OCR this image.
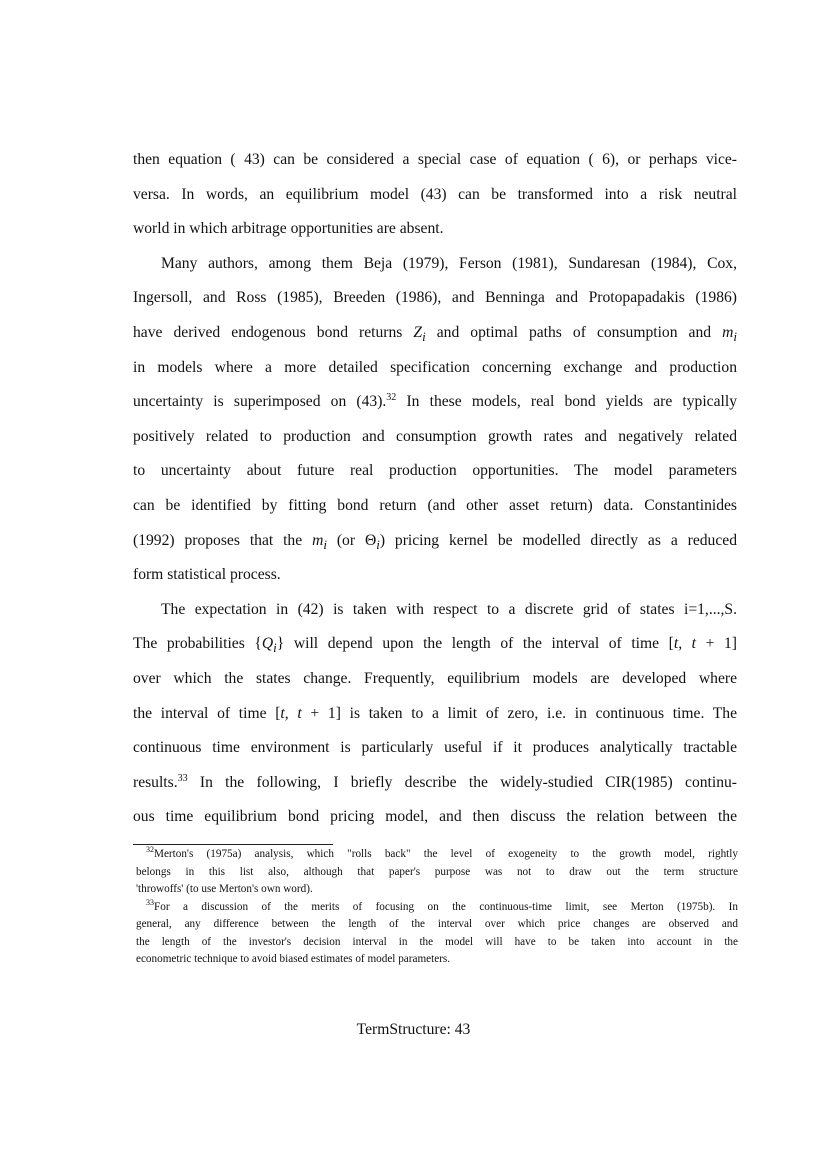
then equation ( 43) can be considered a special case of equation ( 6), or perhaps vice-
versa. In words, an equilibrium model (43) can be transformed into a risk neutral
world in which arbitrage opportunities are absent.
Many authors, among them Beja (1979), Ferson (1981), Sundaresan (1984), Cox,
Ingersoll, and Ross (1985), Breeden (1986), and Benninga and Protopapadakis (1986)
have derived endogenous bond returns $Z_i$ and optimal paths of consumption and $m_i$
in models where a more detailed specification concerning exchange and production
uncertainty is superimposed on (43).$^{32}$ In these models, real bond yields are typically
positively related to production and consumption growth rates and negatively related
to uncertainty about future real production opportunities. The model parameters
can be identified by fitting bond return (and other asset return) data. Constantinides
(1992) proposes that the $m_i$ (or $\Theta_i$) pricing kernel be modelled directly as a reduced
form statistical process.
The expectation in (42) is taken with respect to a discrete grid of states i=1,...,S.
The probabilities $\{Q_i\}$ will depend upon the length of the interval of time [t, t + 1]
over which the states change. Frequently, equilibrium models are developed where
the interval of time [t, t + 1] is taken to a limit of zero, i.e. in continuous time. The
continuous time environment is particularly useful if it produces analytically tractable
results.$^{33}$ In the following, I briefly describe the widely-studied CIR(1985) continu-
ous time equilibrium bond pricing model, and then discuss the relation between the
$^{32}$Merton's (1975a) analysis, which "rolls back" the level of exogeneity to the growth model, rightly
belongs in this list also, although that paper's purpose was not to draw out the term structure
'throwoffs' (to use Merton's own word).
$^{33}$For a discussion of the merits of focusing on the continuous-time limit, see Merton (1975b). In
general, any difference between the length of the interval over which price changes are observed and
the length of the investor's decision interval in the model will have to be taken into account in the
econometric technique to avoid biased estimates of model parameters.
TermStructure: 43
